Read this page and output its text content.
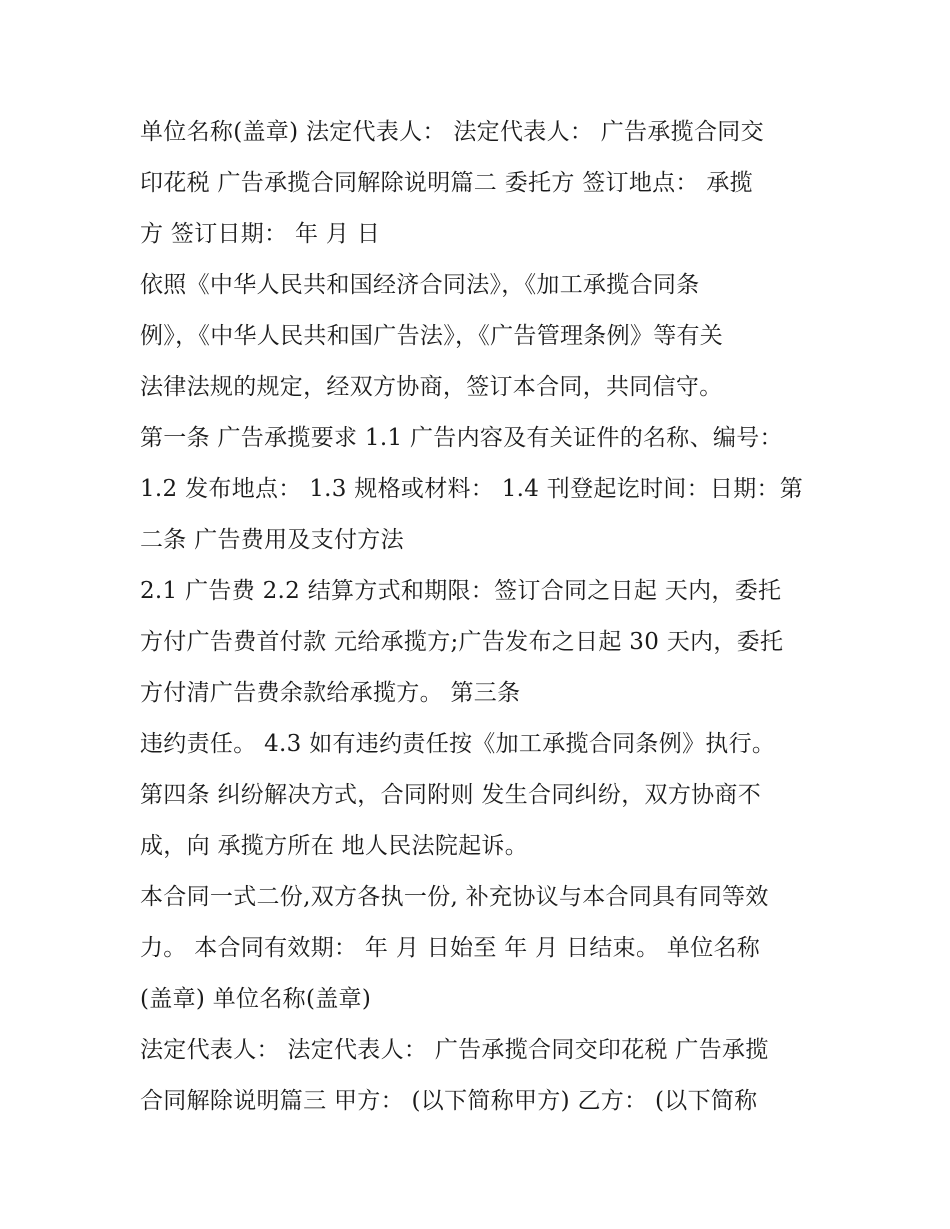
单位名称(盖章) 法定代表人： 法定代表人： 广告承揽合同交
印花税 广告承揽合同解除说明篇二 委托方 签订地点： 承揽
方 签订日期： 年 月 日
依照《中华人民共和国经济合同法》，《加工承揽合同条
例》，《中华人民共和国广告法》，《广告管理条例》等有关
法律法规的规定，经双方协商，签订本合同，共同信守。
第一条 广告承揽要求 1.1 广告内容及有关证件的名称、编号：
1.2 发布地点： 1.3 规格或材料： 1.4 刊登起讫时间：日期：第
二条 广告费用及支付方法
2.1 广告费 2.2 结算方式和期限：签订合同之日起 天内，委托
方付广告费首付款 元给承揽方;广告发布之日起 30 天内，委托
方付清广告费余款给承揽方。 第三条
违约责任。 4.3 如有违约责任按《加工承揽合同条例》执行。
第四条 纠纷解决方式，合同附则 发生合同纠纷，双方协商不
成，向 承揽方所在 地人民法院起诉。
本合同一式二份,双方各执一份, 补充协议与本合同具有同等效
力。 本合同有效期： 年 月 日始至 年 月 日结束。 单位名称
(盖章) 单位名称(盖章)
法定代表人： 法定代表人： 广告承揽合同交印花税 广告承揽
合同解除说明篇三 甲方： (以下简称甲方) 乙方： (以下简称
